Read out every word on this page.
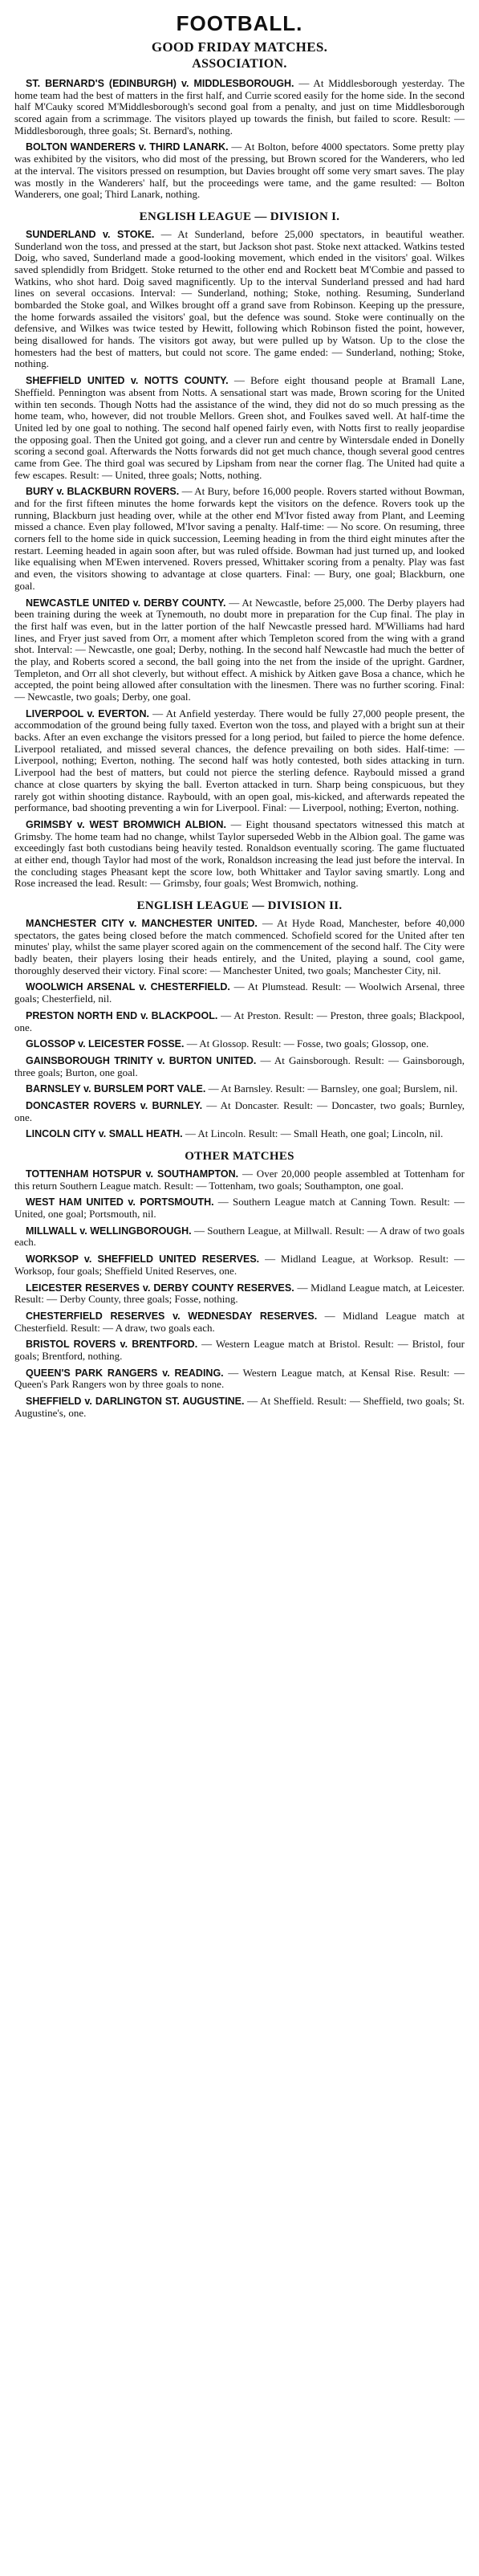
FOOTBALL.
GOOD FRIDAY MATCHES.
ASSOCIATION.

ST. BERNARD'S (EDINBURGH) v. MIDDLESBOROUGH. — At Middlesborough yesterday. The home team had the best of matters in the first half, and Currie scored easily for the home side. In the second half M'Cauky scored M'Middlesborough's second goal from a penalty, and just on time Middlesborough scored again from a scrimmage. The visitors played up towards the finish, but failed to score. Result: — Middlesborough, three goals; St. Bernard's, nothing.

BOLTON WANDERERS v. THIRD LANARK. — At Bolton, before 4000 spectators. Some pretty play was exhibited by the visitors, who did most of the pressing, but Brown scored for the Wanderers, who led at the interval. The visitors pressed on resumption, but Davies brought off some very smart saves. The play was mostly in the Wanderers' half, but the proceedings were tame, and the game resulted: — Bolton Wanderers, one goal; Third Lanark, nothing.

ENGLISH LEAGUE — DIVISION I.

SUNDERLAND v. STOKE. — At Sunderland, before 25,000 spectators, in beautiful weather. Sunderland won the toss, and pressed at the start, but Jackson shot past. Stoke next attacked. Watkins tested Doig, who saved, Sunderland made a good-looking movement, which ended in the visitors' goal. Wilkes saved splendidly from Bridgett. Stoke returned to the other end and Rockett beat M'Combie and passed to Watkins, who shot hard. Doig saved magnificently. Up to the interval Sunderland pressed and had hard lines on several occasions. Interval: — Sunderland, nothing; Stoke, nothing. Resuming, Sunderland bombarded the Stoke goal, and Wilkes brought off a grand save from Robinson. Keeping up the pressure, the home forwards assailed the visitors' goal, but the defence was sound. Stoke were continually on the defensive, and Wilkes was twice tested by Hewitt, following which Robinson fisted the point, however, being disallowed for hands. The visitors got away, but were pulled up by Watson. Up to the close the homesters had the best of matters, but could not score. The game ended: — Sunderland, nothing; Stoke, nothing.

SHEFFIELD UNITED v. NOTTS COUNTY. — Before eight thousand people at Bramall Lane, Sheffield. Pennington was absent from Notts. A sensational start was made, Brown scoring for the United within ten seconds. Though Notts had the assistance of the wind, they did not do so much pressing as the home team, who, however, did not trouble Mellors. Green shot, and Foulkes saved well. At half-time the United led by one goal to nothing. The second half opened fairly even, with Notts first to really jeopardise the opposing goal. Then the United got going, and a clever run and centre by Wintersdale ended in Donelly scoring a second goal. Afterwards the Notts forwards did not get much chance, though several good centres came from Gee. The third goal was secured by Lipsham from near the corner flag. The United had quite a few escapes. Result: — United, three goals; Notts, nothing.

BURY v. BLACKBURN ROVERS. — At Bury, before 16,000 people. Rovers started without Bowman, and for the first fifteen minutes the home forwards kept the visitors on the defence. Rovers took up the running, Blackburn just heading over, while at the other end M'Ivor fisted away from Plant, and Leeming missed a chance. Even play followed, M'Ivor saving a penalty. Half-time: — No score. On resuming, three corners fell to the home side in quick succession, Leeming heading in from the third eight minutes after the restart. Leeming headed in again soon after, but was ruled offside. Bowman had just turned up, and looked like equalising when M'Ewen intervened. Rovers pressed, Whittaker scoring from a penalty. Play was fast and even, the visitors showing to advantage at close quarters. Final: — Bury, one goal; Blackburn, one goal.

NEWCASTLE UNITED v. DERBY COUNTY. — At Newcastle, before 25,000. The Derby players had been training during the week at Tynemouth, no doubt more in preparation for the Cup final. The play in the first half was even, but in the latter portion of the half Newcastle pressed hard. M'Williams had hard lines, and Fryer just saved from Orr, a moment after which Templeton scored from the wing with a grand shot. Interval: — Newcastle, one goal; Derby, nothing. In the second half Newcastle had much the better of the play, and Roberts scored a second, the ball going into the net from the inside of the upright. Gardner, Templeton, and Orr all shot cleverly, but without effect. A mishick by Aitken gave Bosa a chance, which he accepted, the point being allowed after consultation with the linesmen. There was no further scoring. Final: — Newcastle, two goals; Derby, one goal.

LIVERPOOL v. EVERTON. — At Anfield yesterday. There would be fully 27,000 people present, the accommodation of the ground being fully taxed. Everton won the toss, and played with a bright sun at their backs. After an even exchange the visitors pressed for a long period, but failed to pierce the home defence. Liverpool retaliated, and missed several chances, the defence prevailing on both sides. Half-time: — Liverpool, nothing; Everton, nothing. The second half was hotly contested, both sides attacking in turn. Liverpool had the best of matters, but could not pierce the sterling defence. Raybould missed a grand chance at close quarters by skying the ball. Everton attacked in turn. Sharp being conspicuous, but they rarely got within shooting distance. Raybould, with an open goal, mis-kicked, and afterwards repeated the performance, bad shooting preventing a win for Liverpool. Final: — Liverpool, nothing; Everton, nothing.

GRIMSBY v. WEST BROMWICH ALBION. — Eight thousand spectators witnessed this match at Grimsby. The home team had no change, whilst Taylor superseded Webb in the Albion goal. The game was exceedingly fast both custodians being heavily tested. Ronaldson eventually scoring. The game fluctuated at either end, though Taylor had most of the work, Ronaldson increasing the lead just before the interval. In the concluding stages Pheasant kept the score low, both Whittaker and Taylor saving smartly. Long and Rose increased the lead. Result: — Grimsby, four goals; West Bromwich, nothing.

ENGLISH LEAGUE — DIVISION II.

MANCHESTER CITY v. MANCHESTER UNITED. — At Hyde Road, Manchester, before 40,000 spectators, the gates being closed before the match commenced. Schofield scored for the United after ten minutes' play, whilst the same player scored again on the commencement of the second half. The City were badly beaten, their players losing their heads entirely, and the United, playing a sound, cool game, thoroughly deserved their victory. Final score: — Manchester United, two goals; Manchester City, nil.

WOOLWICH ARSENAL v. CHESTERFIELD. — At Plumstead. Result: — Woolwich Arsenal, three goals; Chesterfield, nil.

PRESTON NORTH END v. BLACKPOOL. — At Preston. Result: — Preston, three goals; Blackpool, one.

GLOSSOP v. LEICESTER FOSSE. — At Glossop. Result: — Fosse, two goals; Glossop, one.

GAINSBOROUGH TRINITY v. BURTON UNITED. — At Gainsborough. Result: — Gainsborough, three goals; Burton, one goal.

BARNSLEY v. BURSLEM PORT VALE. — At Barnsley. Result: — Barnsley, one goal; Burslem, nil.

DONCASTER ROVERS v. BURNLEY. — At Doncaster. Result: — Doncaster, two goals; Burnley, one.

LINCOLN CITY v. SMALL HEATH. — At Lincoln. Result: — Small Heath, one goal; Lincoln, nil.

OTHER MATCHES

TOTTENHAM HOTSPUR v. SOUTHAMPTON. — Over 20,000 people assembled at Tottenham for this return Southern League match. Result: — Tottenham, two goals; Southampton, one goal.

WEST HAM UNITED v. PORTSMOUTH. — Southern League match at Canning Town. Result: — United, one goal; Portsmouth, nil.

MILLWALL v. WELLINGBOROUGH. — Southern League, at Millwall. Result: — A draw of two goals each.

WORKSOP v. SHEFFIELD UNITED RESERVES. — Midland League, at Worksop. Result: — Worksop, four goals; Sheffield United Reserves, one.

LEICESTER RESERVES v. DERBY COUNTY RESERVES. — Midland League match, at Leicester. Result: — Derby County, three goals; Fosse, nothing.

CHESTERFIELD RESERVES v. WEDNESDAY RESERVES. — Midland League match at Chesterfield. Result: — A draw, two goals each.

BRISTOL ROVERS v. BRENTFORD. — Western League match at Bristol. Result: — Bristol, four goals; Brentford, nothing.

QUEEN'S PARK RANGERS v. READING. — Western League match, at Kensal Rise. Result: — Queen's Park Rangers won by three goals to none.

SHEFFIELD v. DARLINGTON ST. AUGUSTINE. — At Sheffield. Result: — Sheffield, two goals; St. Augustine's, one.
